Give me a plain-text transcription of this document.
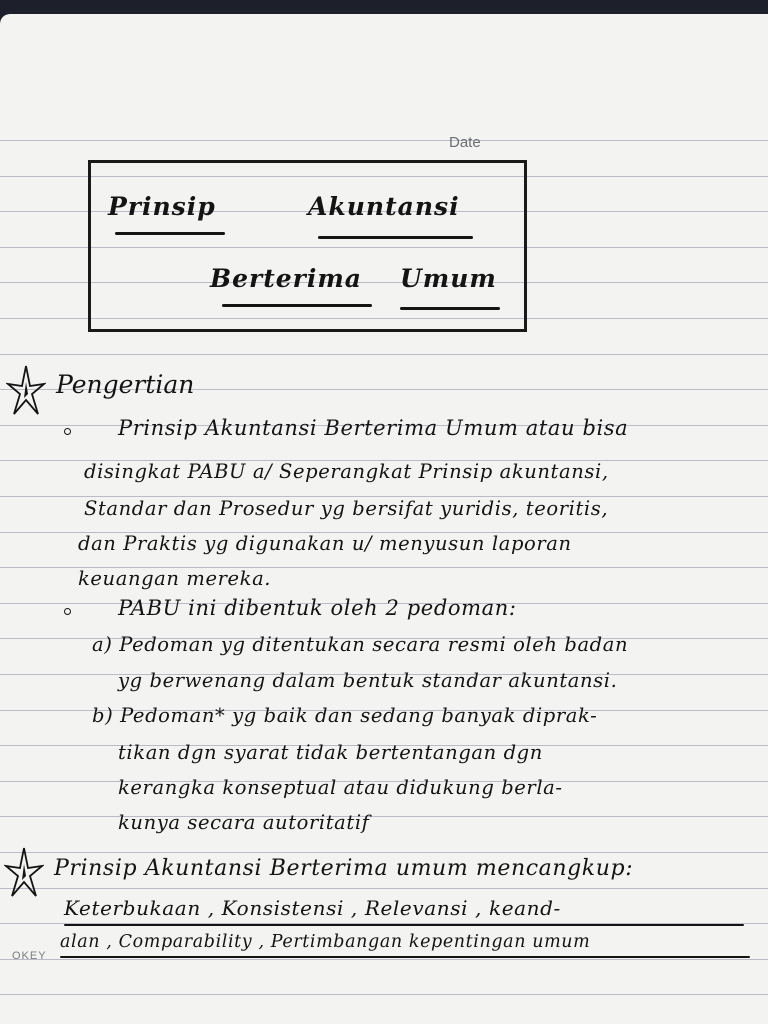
Date
Prinsip	Akuntansi
Berterima Umum
Pengertian
Prinsip Akuntansi Berterima Umum atau bisa
disingkat PABU a/ Seperangkat Prinsip akuntansi,
Standar dan Prosedur yg bersifat yuridis, teoritis,
dan Praktis yg digunakan u/ menyusun laporan
keuangan mereka.
PABU ini dibentuk oleh 2 pedoman:
a) Pedoman yg ditentukan secara resmi oleh badan
yg berwenang dalam bentuk standar akuntansi.
b) Pedoman* yg baik dan sedang banyak diprak-
tikan dgn syarat tidak bertentangan dgn
kerangka konseptual atau didukung berla-
kunya secara autoritatif
Prinsip Akuntansi Berterima umum mencangkup:
Keterbukaan , Konsistensi , Relevansi , keand-
alan , Comparability , Pertimbangan kepentingan umum
OKEY
